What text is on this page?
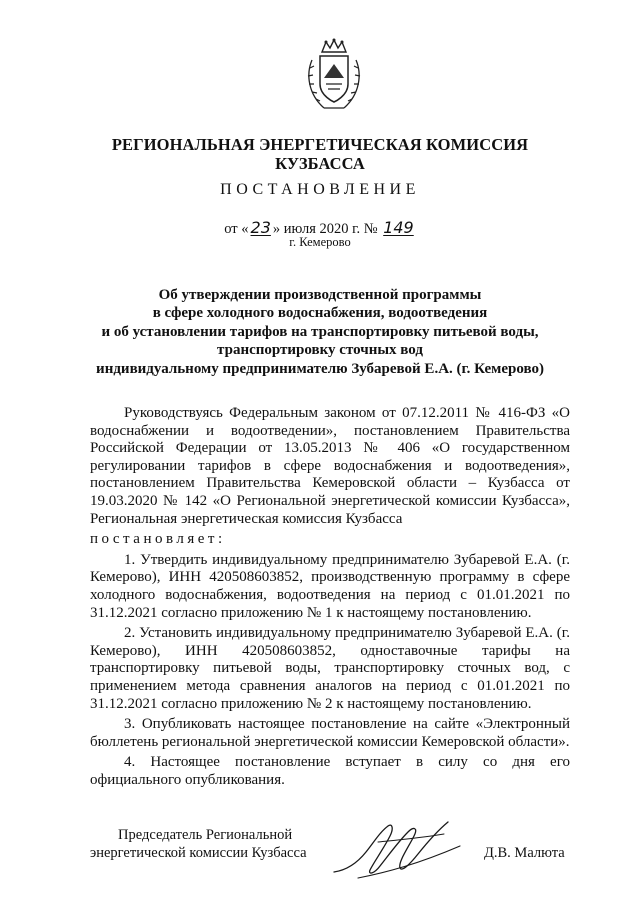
РЕГИОНАЛЬНАЯ ЭНЕРГЕТИЧЕСКАЯ КОМИССИЯ
КУЗБАССА
ПОСТАНОВЛЕНИЕ
от « 23 » июля 2020 г. № 149
г. Кемерово
Об утверждении производственной программы
в сфере холодного водоснабжения, водоотведения
и об установлении тарифов на транспортировку питьевой воды,
транспортировку сточных вод
индивидуальному предпринимателю Зубаревой Е.А. (г. Кемерово)

Руководствуясь Федеральным законом от 07.12.2011 № 416-ФЗ «О водоснабжении и водоотведении», постановлением Правительства Российской Федерации от 13.05.2013 № 406 «О государственном регулировании тарифов в сфере водоснабжения и водоотведения», постановлением Правительства Кемеровской области – Кузбасса от 19.03.2020 № 142 «О Региональной энергетической комиссии Кузбасса», Региональная энергетическая комиссия Кузбасса

постановляет:

1. Утвердить индивидуальному предпринимателю Зубаревой Е.А. (г. Кемерово), ИНН 420508603852, производственную программу в сфере холодного водоснабжения, водоотведения на период с 01.01.2021 по 31.12.2021 согласно приложению № 1 к настоящему постановлению.

2. Установить индивидуальному предпринимателю Зубаревой Е.А. (г. Кемерово), ИНН 420508603852, одноставочные тарифы на транспортировку питьевой воды, транспортировку сточных вод, с применением метода сравнения аналогов на период с 01.01.2021 по 31.12.2021 согласно приложению № 2 к настоящему постановлению.

3. Опубликовать настоящее постановление на сайте «Электронный бюллетень региональной энергетической комиссии Кемеровской области».

4. Настоящее постановление вступает в силу со дня его официального опубликования.

Председатель Региональной
энергетической комиссии Кузбасса	Д.В. Малюта
